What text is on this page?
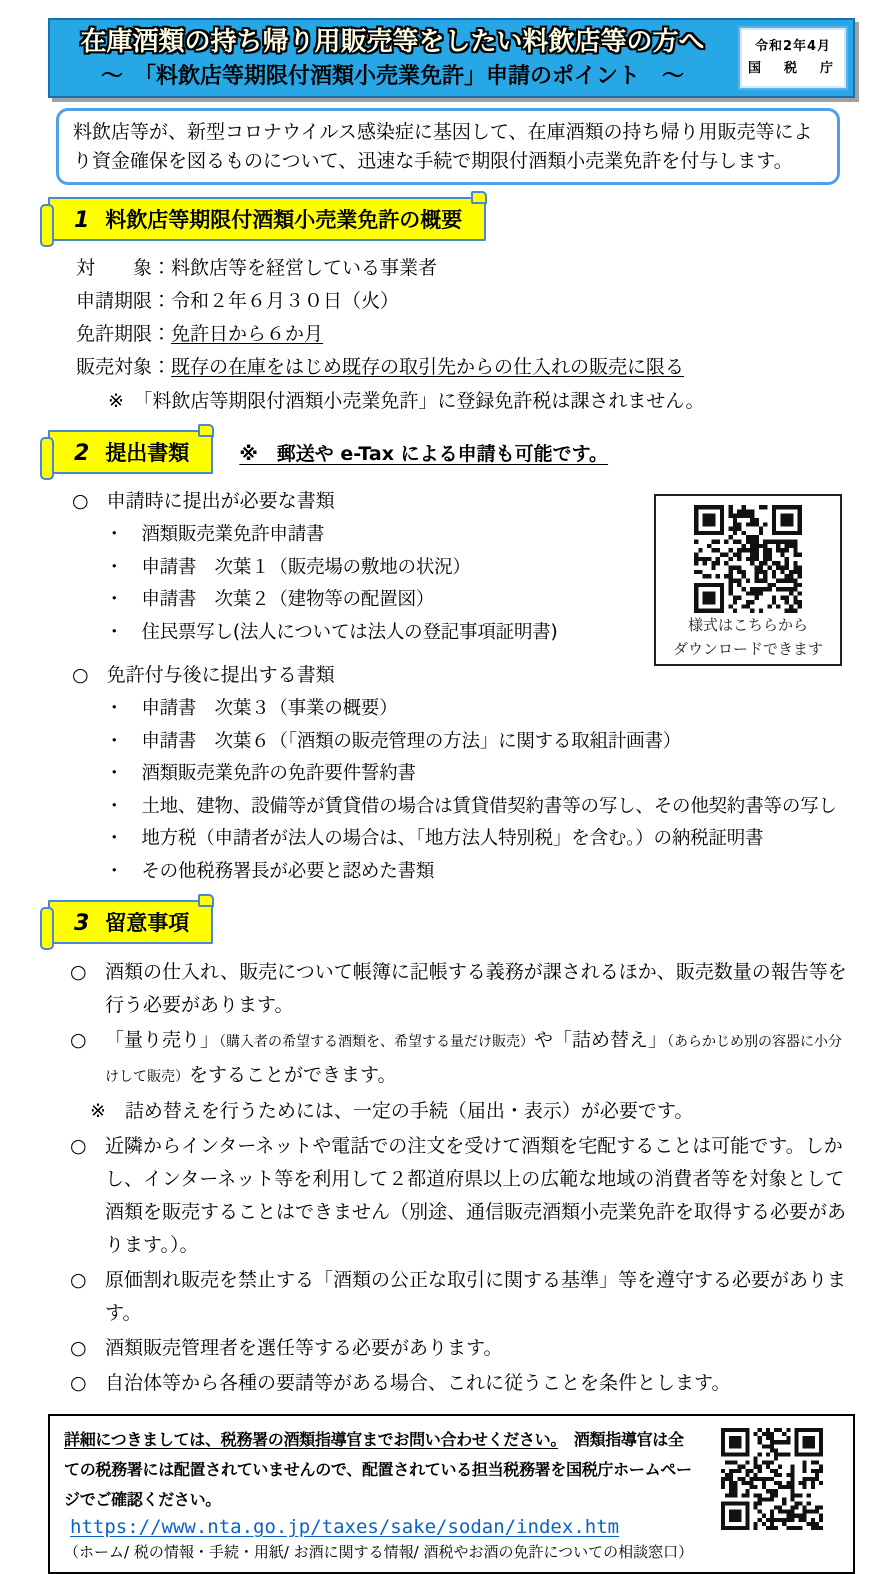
在庫酒類の持ち帰り用販売等をしたい料飲店等の方へ
～　「料飲店等期限付酒類小売業免許」申請のポイント　～
令和2年4月
国　税　庁
料飲店等が、新型コロナウイルス感染症に基因して、在庫酒類の持ち帰り用販売等により資金確保を図るものについて、迅速な手続で期限付酒類小売業免許を付与します。
1 料飲店等期限付酒類小売業免許の概要
対　　象：料飲店等を経営している事業者
申請期限：令和２年６月３０日（火）
免許期限：免許日から６か月
販売対象：既存の在庫をはじめ既存の取引先からの仕入れの販売に限る
※　「料飲店等期限付酒類小売業免許」に登録免許税は課されません。
2 提出書類	※　郵送や e-Tax による申請も可能です。
様式はこちらから
ダウンロードできます
○ 申請時に提出が必要な書類
・ 酒類販売業免許申請書
・ 申請書　次葉１（販売場の敷地の状況）
・ 申請書　次葉２（建物等の配置図）
・ 住民票写し(法人については法人の登記事項証明書)
○ 免許付与後に提出する書類
・ 申請書　次葉３（事業の概要）
・ 申請書　次葉６（「酒類の販売管理の方法」に関する取組計画書）
・ 酒類販売業免許の免許要件誓約書
・ 土地、建物、設備等が賃貸借の場合は賃貸借契約書等の写し、その他契約書等の写し
・ 地方税（申請者が法人の場合は、「地方法人特別税」を含む。）の納税証明書
・ その他税務署長が必要と認めた書類
3 留意事項
○ 酒類の仕入れ、販売について帳簿に記帳する義務が課されるほか、販売数量の報告等を行う必要があります。
○ 「量り売り」（購入者の希望する酒類を、希望する量だけ販売）や「詰め替え」（あらかじめ別の容器に小分けして販売）をすることができます。
※　詰め替えを行うためには、一定の手続（届出・表示）が必要です。
○ 近隣からインターネットや電話での注文を受けて酒類を宅配することは可能です。しかし、インターネット等を利用して２都道府県以上の広範な地域の消費者等を対象として酒類を販売することはできません（別途、通信販売酒類小売業免許を取得する必要があります。）。
○ 原価割れ販売を禁止する「酒類の公正な取引に関する基準」等を遵守する必要があります。
○ 酒類販売管理者を選任等する必要があります。
○ 自治体等から各種の要請等がある場合、これに従うことを条件とします。
詳細につきましては、税務署の酒類指導官までお問い合わせください。　酒類指導官は全ての税務署には配置されていませんので、配置されている担当税務署を国税庁ホームページでご確認ください。
https://www.nta.go.jp/taxes/sake/sodan/index.htm
（ホーム/ 税の情報・手続・用紙/ お酒に関する情報/ 酒税やお酒の免許についての相談窓口）
